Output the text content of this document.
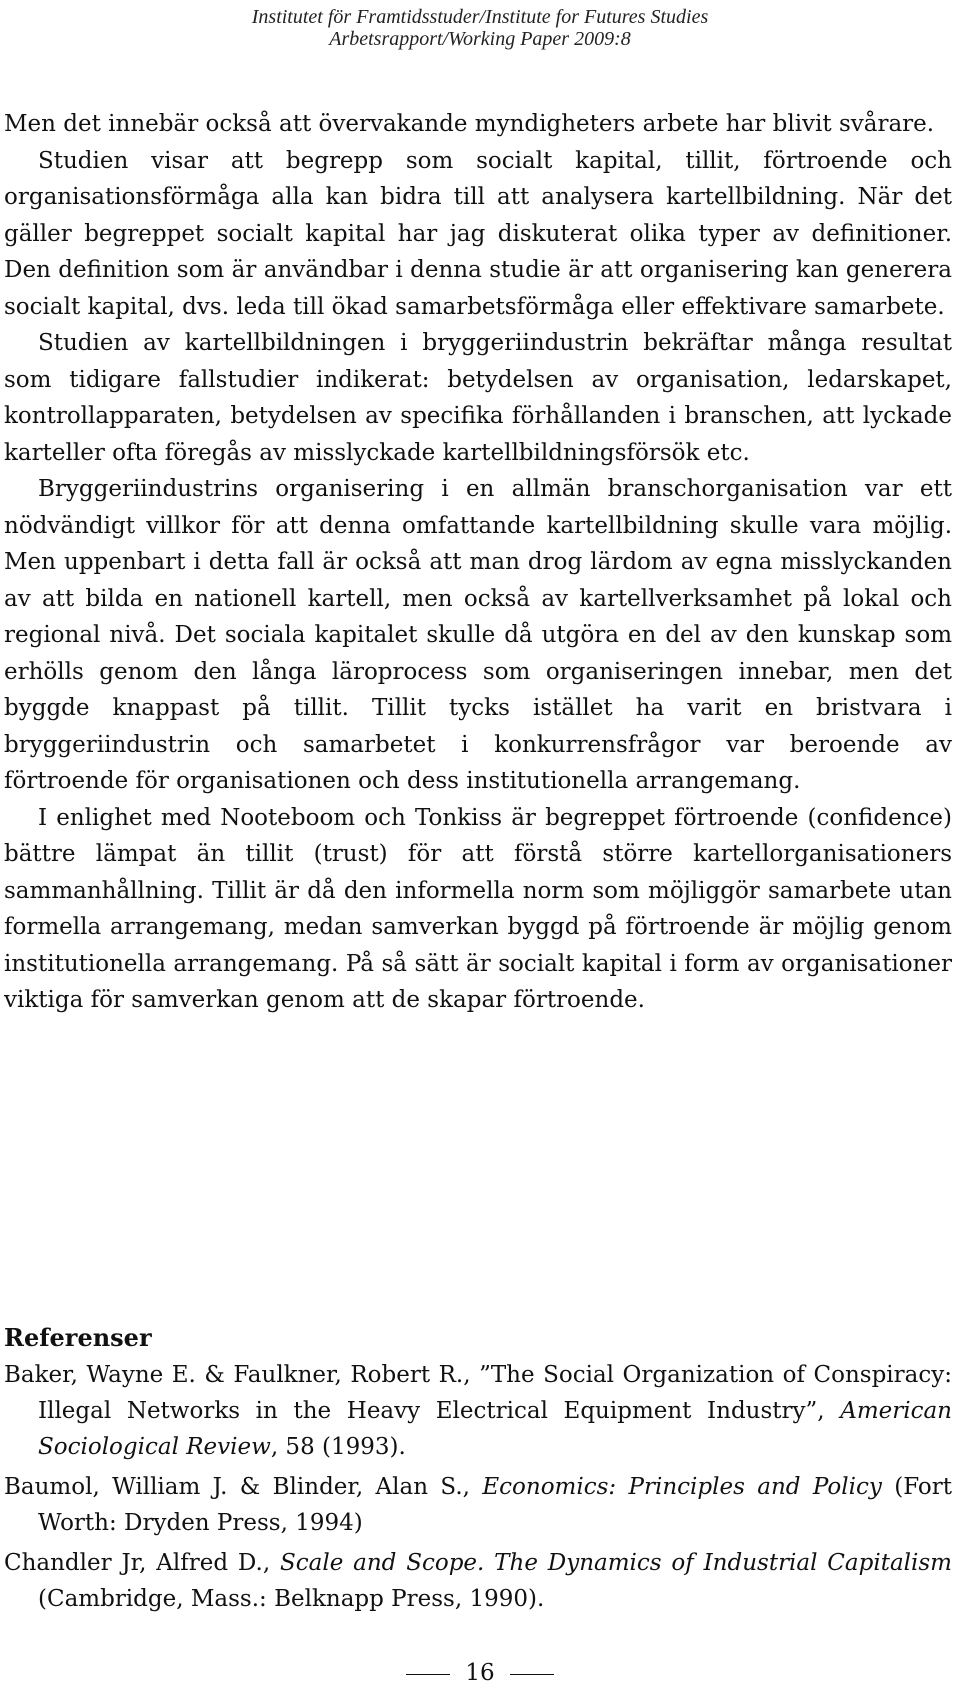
Institutet för Framtidsstuder/Institute for Futures Studies
Arbetsrapport/Working Paper 2009:8

Men det innebär också att övervakande myndigheters arbete har blivit svårare.

Studien visar att begrepp som socialt kapital, tillit, förtroende och organisationsförmåga alla kan bidra till att analysera kartellbildning. När det gäller begreppet socialt kapital har jag diskuterat olika typer av definitioner. Den definition som är användbar i denna studie är att organisering kan generera socialt kapital, dvs. leda till ökad samarbetsförmåga eller effektivare samarbete.

Studien av kartellbildningen i bryggeriindustrin bekräftar många resultat som tidigare fallstudier indikerat: betydelsen av organisation, ledarskapet, kontrollapparaten, betydelsen av specifika förhållanden i branschen, att lyckade karteller ofta föregås av misslyckade kartellbildningsförsök etc.

Bryggeriindustrins organisering i en allmän branschorganisation var ett nödvändigt villkor för att denna omfattande kartellbildning skulle vara möjlig. Men uppenbart i detta fall är också att man drog lärdom av egna misslyckanden av att bilda en nationell kartell, men också av kartellverksamhet på lokal och regional nivå. Det sociala kapitalet skulle då utgöra en del av den kunskap som erhölls genom den långa läroprocess som organiseringen innebar, men det byggde knappast på tillit. Tillit tycks istället ha varit en bristvara i bryggeriindustrin och samarbetet i konkurrensfrågor var beroende av förtroende för organisationen och dess institutionella arrangemang.

I enlighet med Nooteboom och Tonkiss är begreppet förtroende (confidence) bättre lämpat än tillit (trust) för att förstå större kartellorganisationers sammanhållning. Tillit är då den informella norm som möjliggör samarbete utan formella arrangemang, medan samverkan byggd på förtroende är möjlig genom institutionella arrangemang. På så sätt är socialt kapital i form av organisationer viktiga för samverkan genom att de skapar förtroende.

Referenser

Baker, Wayne E. & Faulkner, Robert R., ”The Social Organization of Conspiracy: Illegal Networks in the Heavy Electrical Equipment Industry”, American Sociological Review, 58 (1993).

Baumol, William J. & Blinder, Alan S., Economics: Principles and Policy (Fort Worth: Dryden Press, 1994)

Chandler Jr, Alfred D., Scale and Scope. The Dynamics of Industrial Capitalism (Cambridge, Mass.: Belknapp Press, 1990).

16
